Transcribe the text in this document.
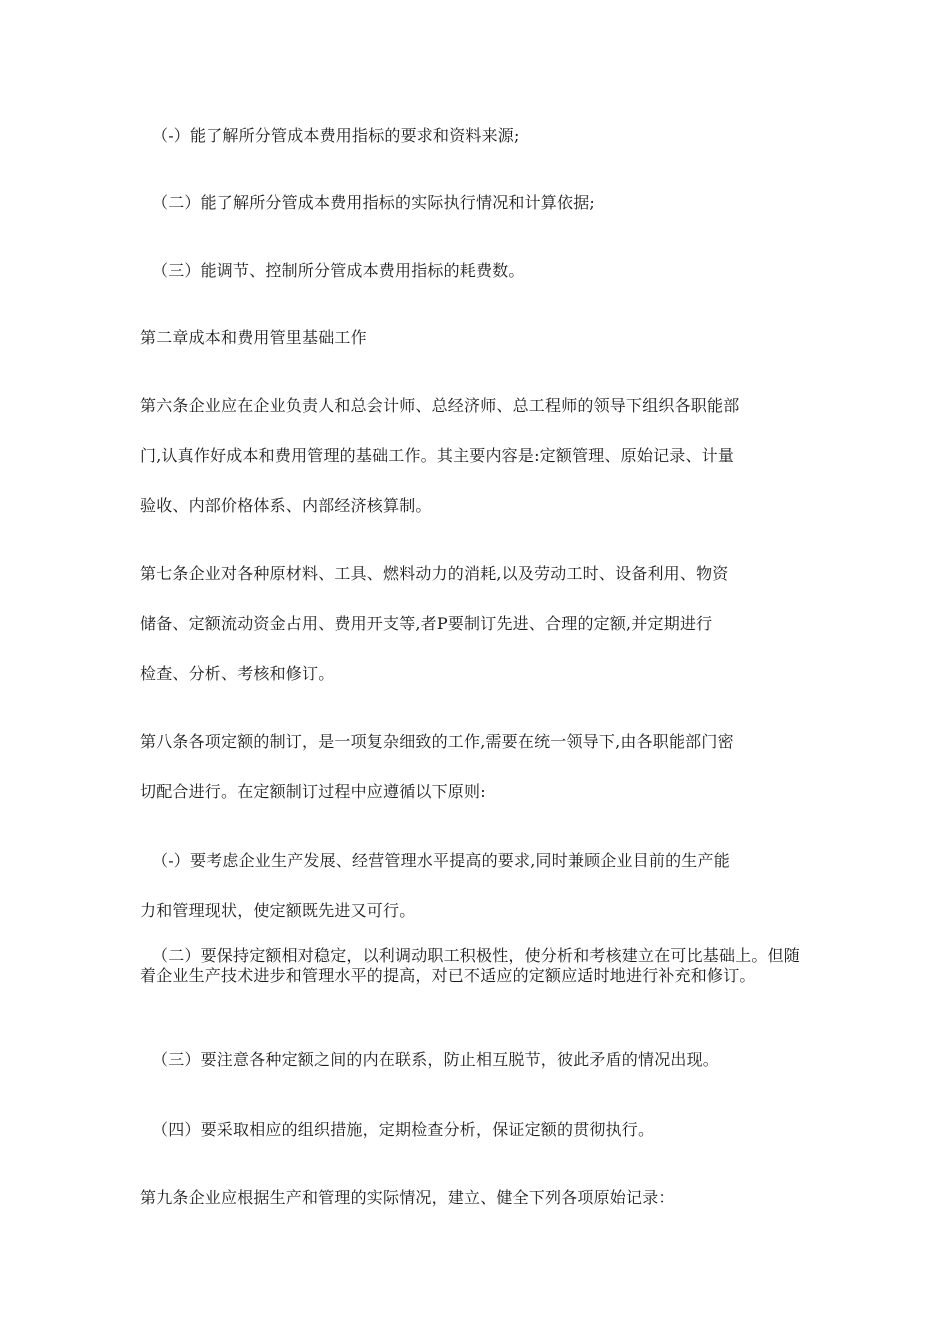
（-）能了解所分管成本费用指标的要求和资料来源;
（二）能了解所分管成本费用指标的实际执行情况和计算依据;
（三）能调节、控制所分管成本费用指标的耗费数。
第二章成本和费用管里基础工作
第六条企业应在企业负责人和总会计师、总经济师、总工程师的领导下组织各职能部
门,认真作好成本和费用管理的基础工作。其主要内容是:定额管理、原始记录、计量
验收、内部价格体系、内部经济核算制。
第七条企业对各种原材料、工具、燃料动力的消耗,以及劳动工时、设备利用、物资
储备、定额流动资金占用、费用开支等,者P要制订先进、合理的定额,并定期进行
检查、分析、考核和修订。
第八条各项定额的制订，是一项复杂细致的工作,需要在统一领导下,由各职能部门密
切配合进行。在定额制订过程中应遵循以下原则:
（-）要考虑企业生产发展、经营管理水平提高的要求,同时兼顾企业目前的生产能
力和管理现状，使定额既先进又可行。
（二）要保持定额相对稳定，以利调动职工积极性，使分析和考核建立在可比基础上。但随着企业生产技术进步和管理水平的提高，对已不适应的定额应适时地进行补充和修订。
（三）要注意各种定额之间的内在联系，防止相互脱节，彼此矛盾的情况出现。
（四）要采取相应的组织措施，定期检查分析，保证定额的贯彻执行。
第九条企业应根据生产和管理的实际情况，建立、健全下列各项原始记录：
